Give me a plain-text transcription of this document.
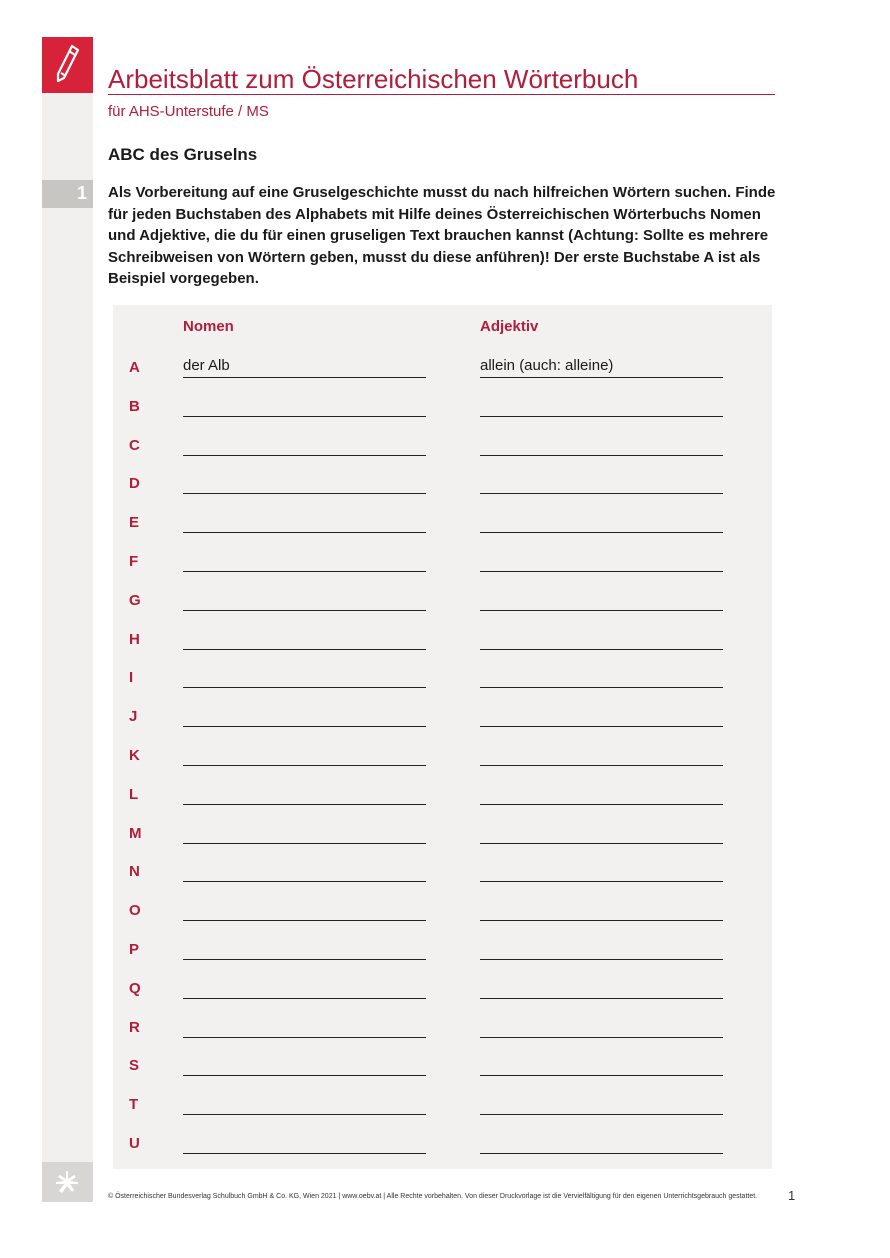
1
Arbeitsblatt zum Österreichischen Wörterbuch
für AHS-Unterstufe / MS
ABC des Gruselns
Als Vorbereitung auf eine Gruselgeschichte musst du nach hilfreichen Wörtern suchen. Finde für jeden Buchstaben des Alphabets mit Hilfe deines Österreichischen Wörterbuchs Nomen und Adjektive, die du für einen gruseligen Text brauchen kannst (Achtung: Sollte es mehrere Schreibweisen von Wörtern geben, musst du diese anführen)! Der erste Buchstabe A ist als Beispiel vorgegeben.
Nomen	Adjektiv
A	der Alb	allein (auch: alleine)
B
C
D
E
F
G
H
I
J
K
L
M
N
O
P
Q
R
S
T
U
© Österreichischer Bundesverlag Schulbuch GmbH & Co. KG, Wien 2021 | www.oebv.at | Alle Rechte vorbehalten. Von dieser Druckvorlage ist die Vervielfältigung für den eigenen Unterrichtsgebrauch gestattet. 1
